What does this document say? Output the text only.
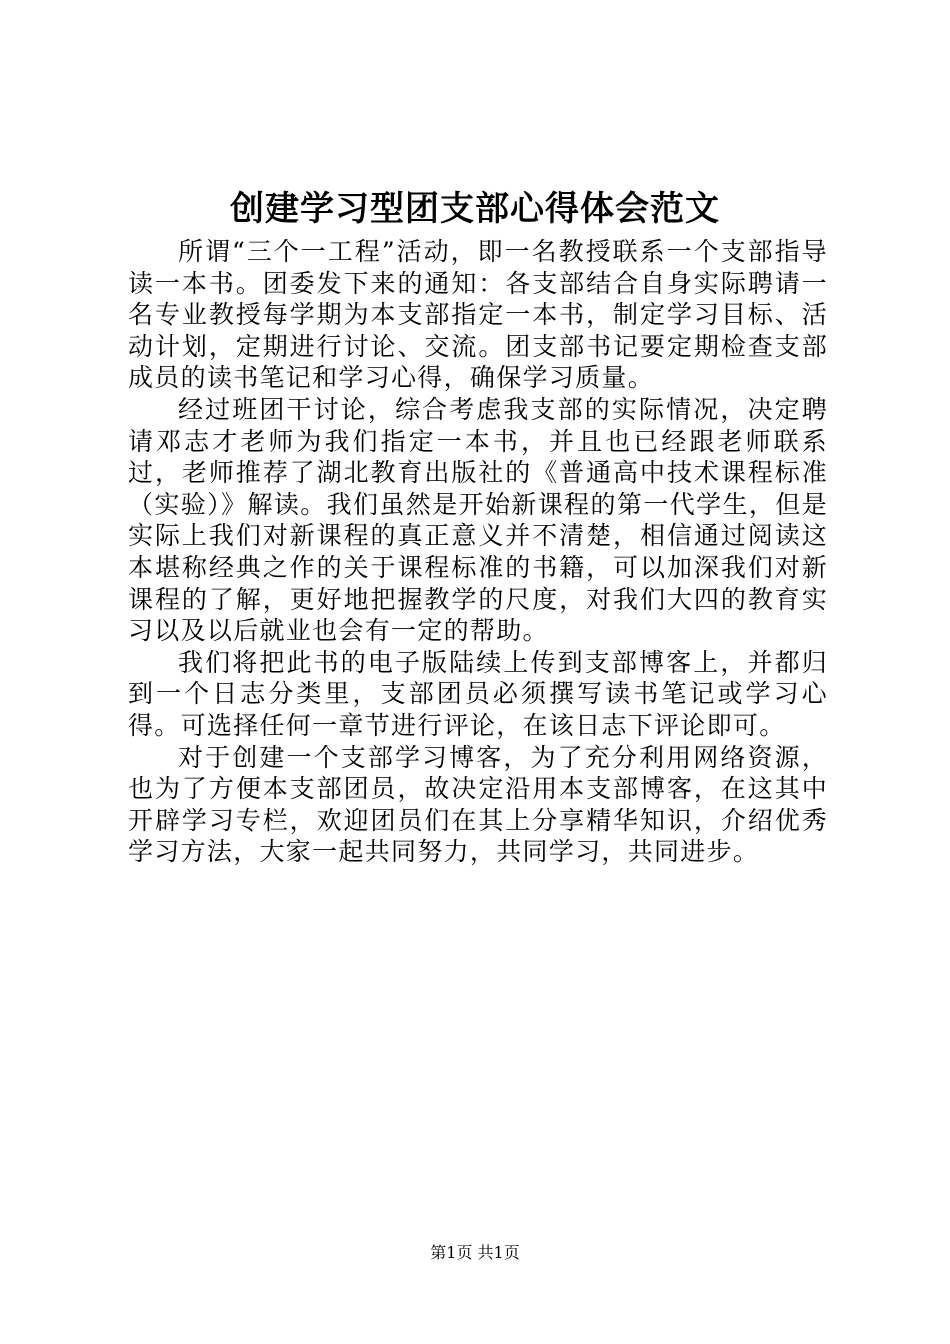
创建学习型团支部心得体会范文

所谓“三个一工程”活动，即一名教授联系一个支部指导读一本书。团委发下来的通知：各支部结合自身实际聘请一名专业教授每学期为本支部指定一本书，制定学习目标、活动计划，定期进行讨论、交流。团支部书记要定期检查支部成员的读书笔记和学习心得，确保学习质量。

经过班团干讨论，综合考虑我支部的实际情况，决定聘请邓志才老师为我们指定一本书，并且也已经跟老师联系过，老师推荐了湖北教育出版社的《普通高中技术课程标准（实验）》解读。我们虽然是开始新课程的第一代学生，但是实际上我们对新课程的真正意义并不清楚，相信通过阅读这本堪称经典之作的关于课程标准的书籍，可以加深我们对新课程的了解，更好地把握教学的尺度，对我们大四的教育实习以及以后就业也会有一定的帮助。

我们将把此书的电子版陆续上传到支部博客上，并都归到一个日志分类里，支部团员必须撰写读书笔记或学习心得。可选择任何一章节进行评论，在该日志下评论即可。

对于创建一个支部学习博客，为了充分利用网络资源，也为了方便本支部团员，故决定沿用本支部博客，在这其中开辟学习专栏，欢迎团员们在其上分享精华知识，介绍优秀学习方法，大家一起共同努力，共同学习，共同进步。

第1页 共1页
